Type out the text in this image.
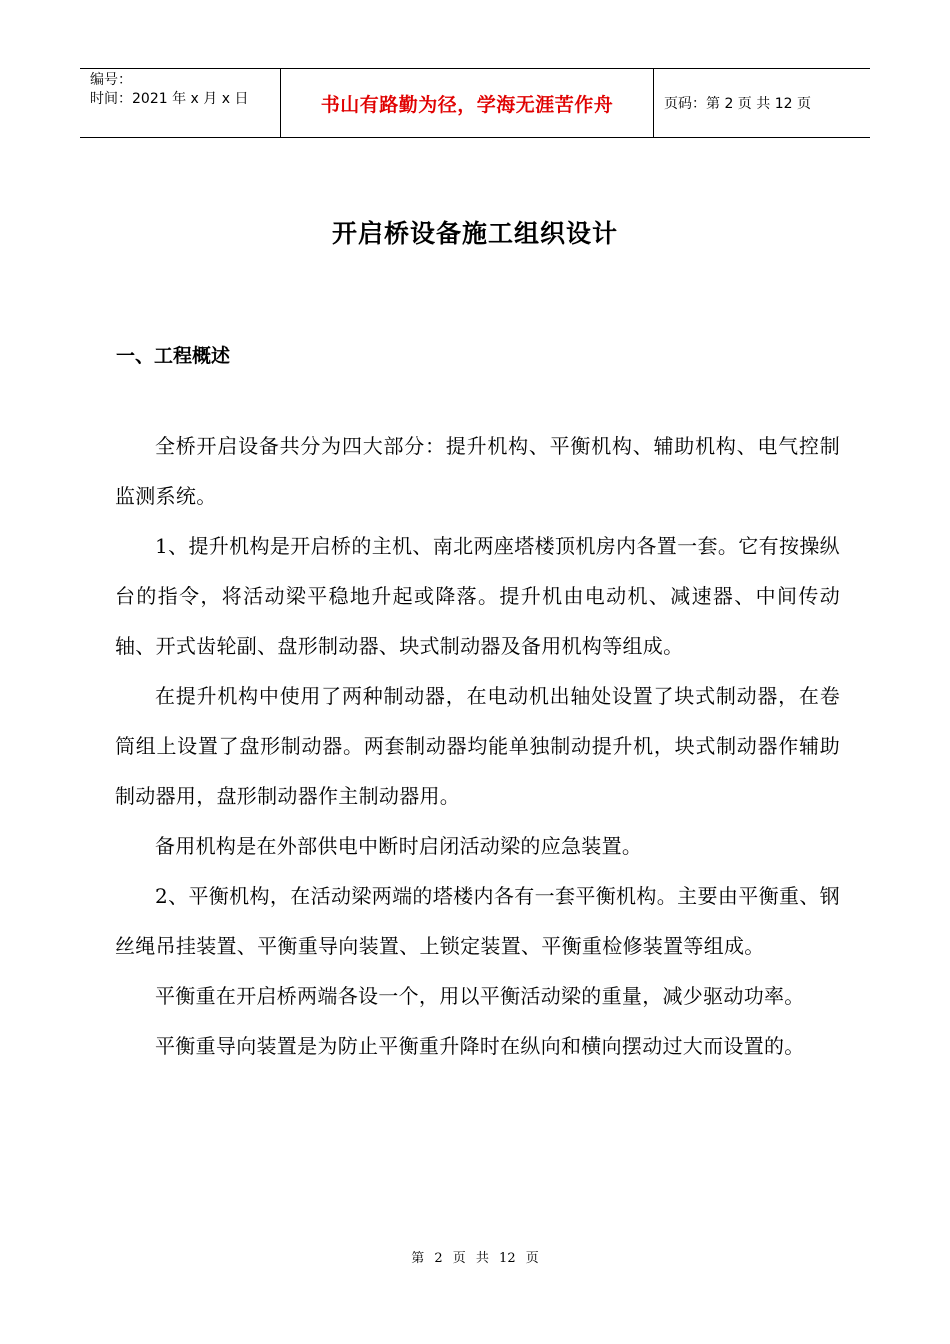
编号：
时间：2021 年 x 月 x 日	书山有路勤为径，学海无涯苦作舟	页码：第 2 页 共 12 页
开启桥设备施工组织设计
一、工程概述

全桥开启设备共分为四大部分：提升机构、平衡机构、辅助机构、电气控制监测系统。

1、提升机构是开启桥的主机、南北两座塔楼顶机房内各置一套。它有按操纵台的指令，将活动梁平稳地升起或降落。提升机由电动机、减速器、中间传动轴、开式齿轮副、盘形制动器、块式制动器及备用机构等组成。

在提升机构中使用了两种制动器，在电动机出轴处设置了块式制动器，在卷筒组上设置了盘形制动器。两套制动器均能单独制动提升机，块式制动器作辅助制动器用，盘形制动器作主制动器用。

备用机构是在外部供电中断时启闭活动梁的应急装置。

2、平衡机构，在活动梁两端的塔楼内各有一套平衡机构。主要由平衡重、钢丝绳吊挂装置、平衡重导向装置、上锁定装置、平衡重检修装置等组成。

平衡重在开启桥两端各设一个，用以平衡活动梁的重量，减少驱动功率。

平衡重导向装置是为防止平衡重升降时在纵向和横向摆动过大而设置的。

第 2 页 共 12 页
